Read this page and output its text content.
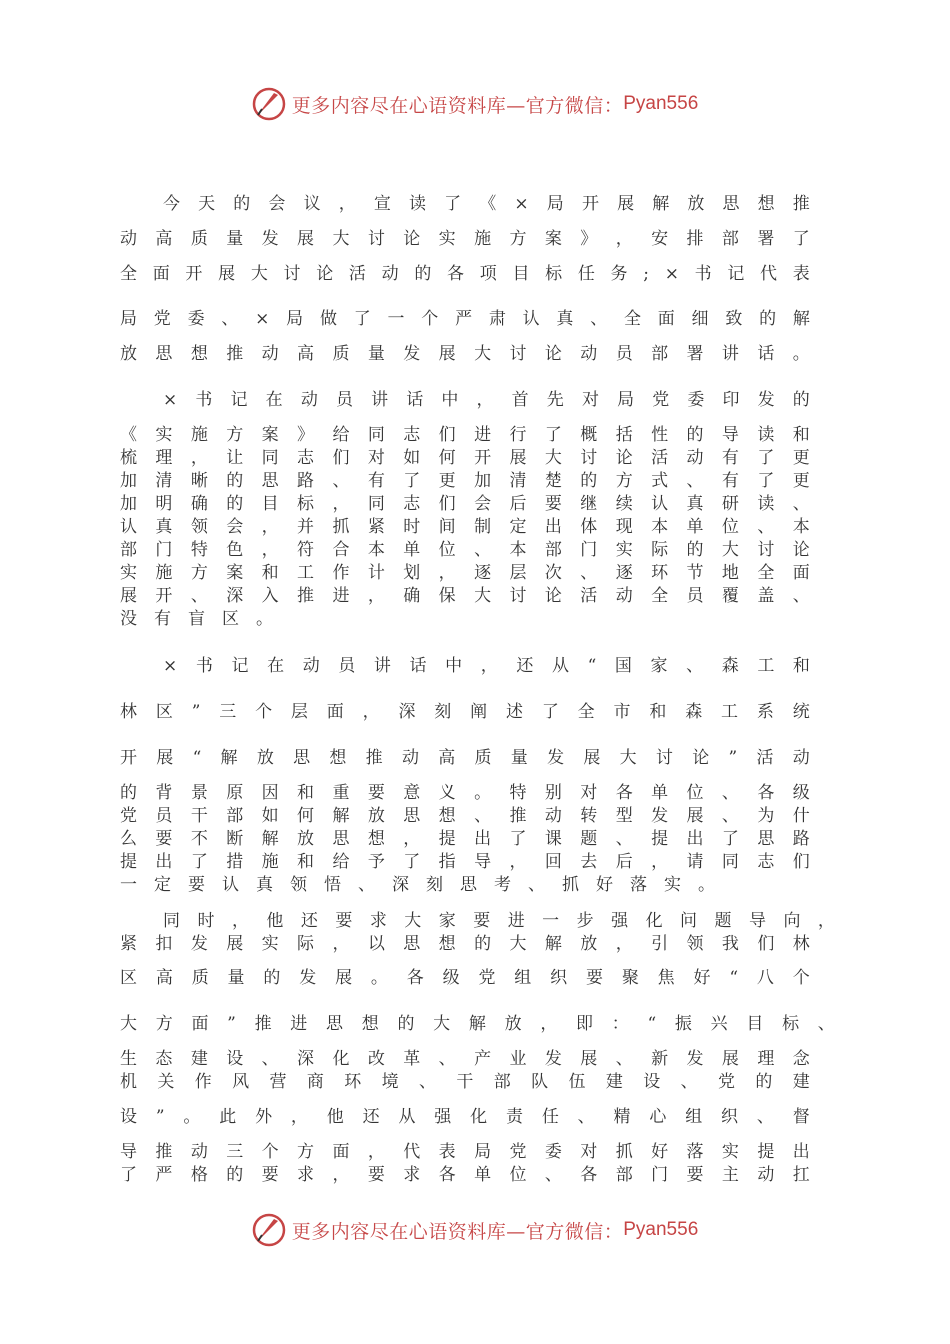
更多内容尽在心语资料库—官方微信： Pyan556
今 天 的 会 议 ， 宣 读 了 《 × 局 开 展 解 放 思 想 推
动 高 质 量 发 展 大 讨 论 实 施 方 案 》 ， 安 排 部 署 了
全 面 开 展 大 讨 论 活 动 的 各 项 目 标 任 务 ; × 书 记 代 表
局 党 委 、 × 局 做 了 一 个 严 肃 认 真 、 全 面 细 致 的 解
放 思 想 推 动 高 质 量 发 展 大 讨 论 动 员 部 署 讲 话 。
× 书 记 在 动 员 讲 话 中 ， 首 先 对 局 党 委 印 发 的
《 实 施 方 案 》 给 同 志 们 进 行 了 概 括 性 的 导 读 和
梳 理 ， 让 同 志 们 对 如 何 开 展 大 讨 论 活 动 有 了 更
加 清 晰 的 思 路 、 有 了 更 加 清 楚 的 方 式 、 有 了 更
加 明 确 的 目 标 ， 同 志 们 会 后 要 继 续 认 真 研 读 、
认 真 领 会 ， 并 抓 紧 时 间 制 定 出 体 现 本 单 位 、 本
部 门 特 色 ， 符 合 本 单 位 、 本 部 门 实 际 的 大 讨 论
实 施 方 案 和 工 作 计 划 ， 逐 层 次 、 逐 环 节 地 全 面
展 开 、 深 入 推 进 ， 确 保 大 讨 论 活 动 全 员 覆 盖 、
没 有 盲 区 。
× 书 记 在 动 员 讲 话 中 ， 还 从 “ 国 家 、 森 工 和
林 区 ” 三 个 层 面 ， 深 刻 阐 述 了 全 市 和 森 工 系 统
开 展 “ 解 放 思 想 推 动 高 质 量 发 展 大 讨 论 ” 活 动
的 背 景 原 因 和 重 要 意 义 。 特 别 对 各 单 位 、 各 级
党 员 干 部 如 何 解 放 思 想 、 推 动 转 型 发 展 、 为 什
么 要 不 断 解 放 思 想 ， 提 出 了 课 题 、 提 出 了 思 路
提 出 了 措 施 和 给 予 了 指 导 ， 回 去 后 ， 请 同 志 们
一 定 要 认 真 领 悟 、 深 刻 思 考 、 抓 好 落 实 。
同 时 ， 他 还 要 求 大 家 要 进 一 步 强 化 问 题 导 向 ，
紧 扣 发 展 实 际 ， 以 思 想 的 大 解 放 ， 引 领 我 们 林
区 高 质 量 的 发 展 。 各 级 党 组 织 要 聚 焦 好 “ 八 个
大 方 面 ” 推 进 思 想 的 大 解 放 ， 即 ： “ 振 兴 目 标 、
生 态 建 设 、 深 化 改 革 、 产 业 发 展 、 新 发 展 理 念
机 关 作 风 营 商 环 境 、 干 部 队 伍 建 设 、 党 的 建
设 ” 。 此 外 ， 他 还 从 强 化 责 任 、 精 心 组 织 、 督
导 推 动 三 个 方 面 ， 代 表 局 党 委 对 抓 好 落 实 提 出
了 严 格 的 要 求 ， 要 求 各 单 位 、 各 部 门 要 主 动 扛
更多内容尽在心语资料库—官方微信： Pyan556
